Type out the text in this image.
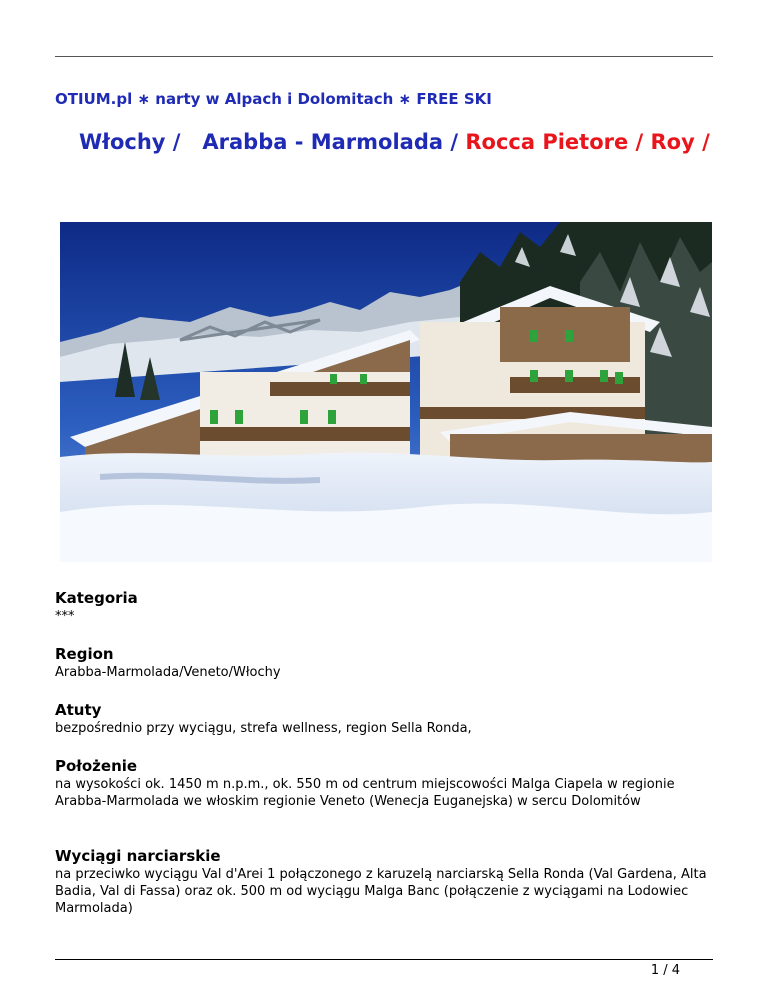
OTIUM.pl ∗ narty w Alpach i Dolomitach ∗ FREE SKI
Włochy / Arabba - Marmolada / Rocca Pietore / Roy /
Kategoria

***

Region

Arabba-Marmolada/Veneto/Włochy

Atuty

bezpośrednio przy wyciągu, strefa wellness, region Sella Ronda,

Położenie

na wysokości ok. 1450 m n.p.m., ok. 550 m od centrum miejscowości Malga Ciapela w regionie Arabba-Marmolada we włoskim regionie Veneto (Wenecja Euganejska) w sercu Dolomitów

Wyciągi narciarskie

na przeciwko wyciągu Val d'Arei 1 połączonego z karuzelą narciarską Sella Ronda (Val Gardena, Alta Badia, Val di Fassa) oraz ok. 500 m od wyciągu Malga Banc (połączenie z wyciągami na Lodowiec Marmolada)

1 / 4
